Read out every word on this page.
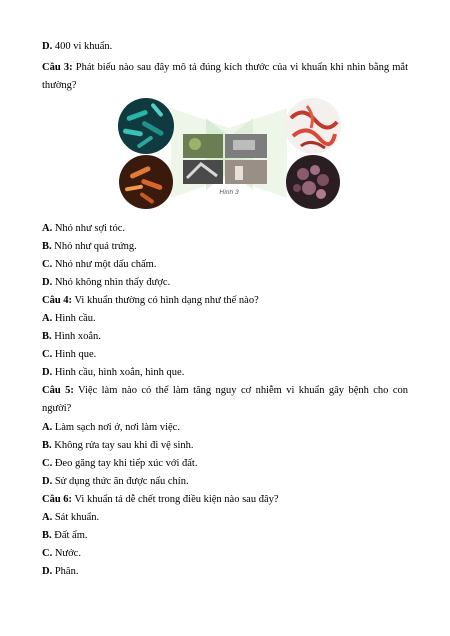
D. 400 vi khuẩn.
Câu 3: Phát biểu nào sau đây mô tả đúng kích thước của vi khuẩn khi nhìn bằng mắt
thường?
Hình 3
A. Nhỏ như sợi tóc.
B. Nhỏ như quả trứng.
C. Nhỏ như một dấu chấm.
D. Nhỏ không nhìn thấy được.
Câu 4: Vi khuẩn thường có hình dạng như thế nào?
A. Hình cầu.
B. Hình xoắn.
C. Hình que.
D. Hình cầu, hình xoắn, hình que.
Câu 5: Việc làm nào có thể làm tăng nguy cơ nhiễm vi khuẩn gây bệnh cho con
người?
A. Làm sạch nơi ở, nơi làm việc.
B. Không rửa tay sau khi đi vệ sinh.
C. Đeo găng tay khi tiếp xúc với đất.
D. Sử dụng thức ăn được nấu chín.
Câu 6: Vi khuẩn tả dễ chết trong điều kiện nào sau đây?
A. Sát khuẩn.
B. Đất ẩm.
C. Nước.
D. Phân.
